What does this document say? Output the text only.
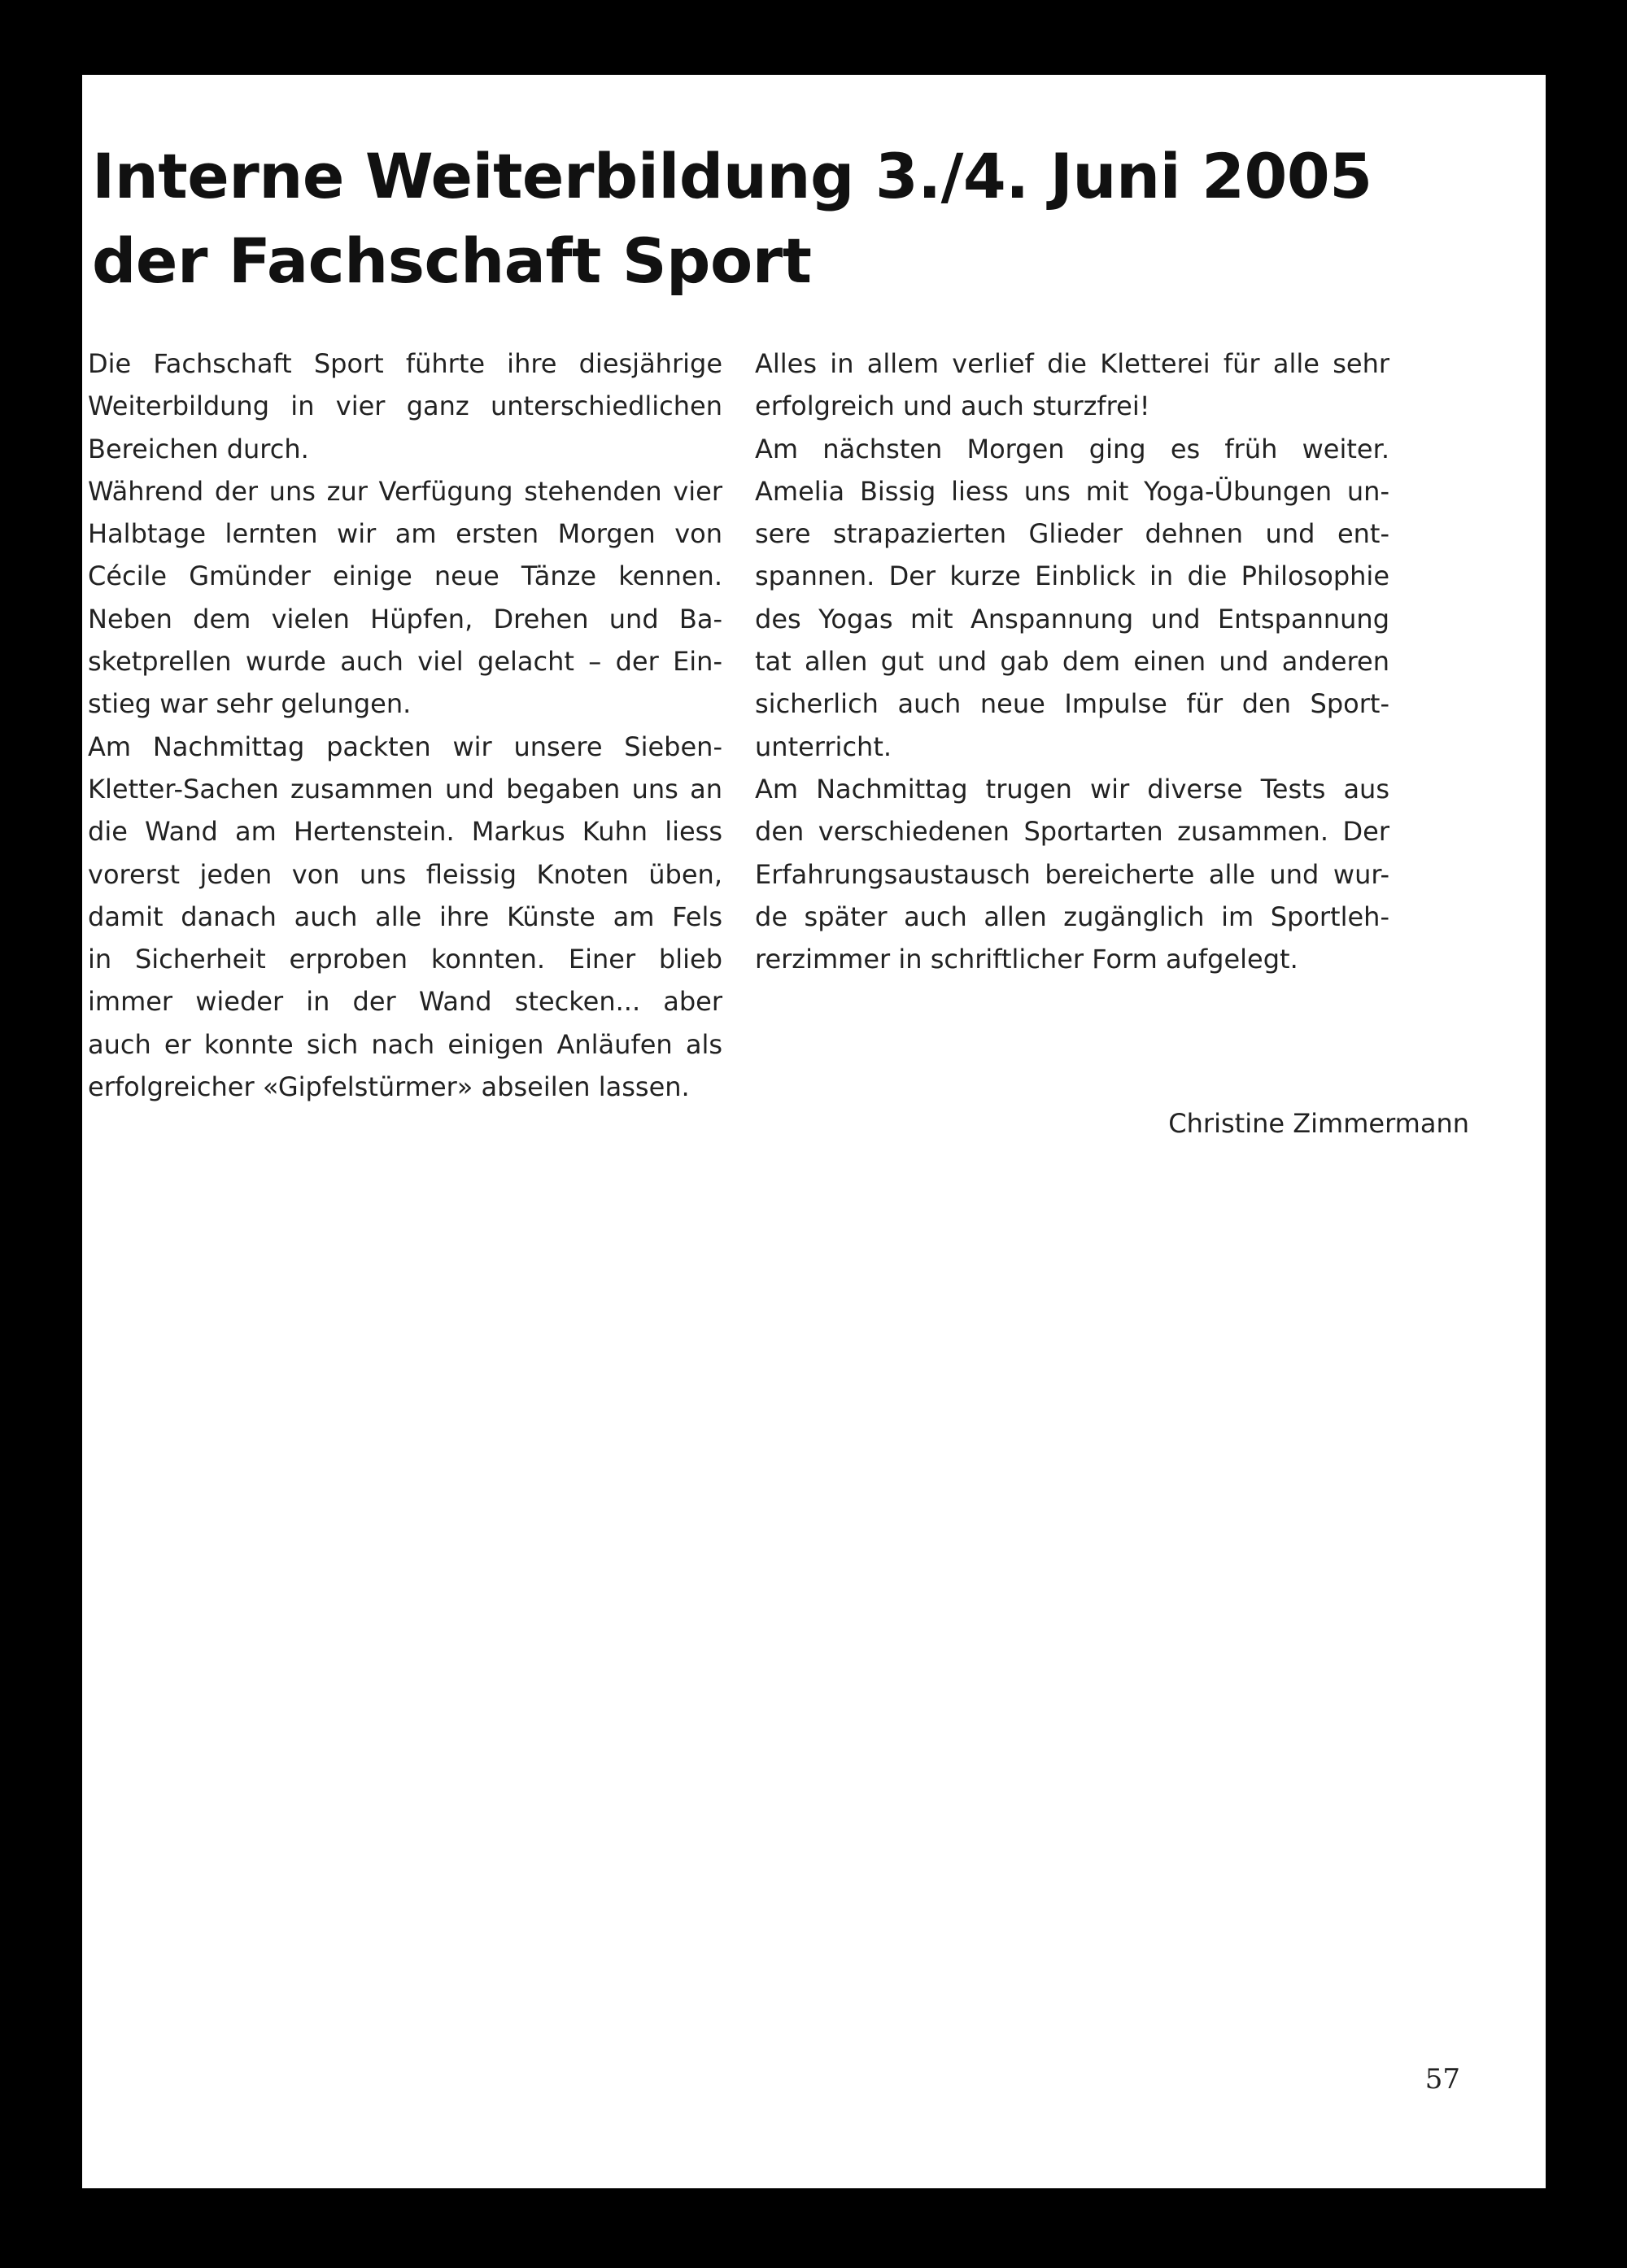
Interne Weiterbildung 3./4. Juni 2005
der Fachschaft Sport
Die Fachschaft Sport führte ihre diesjährige
Weiterbildung in vier ganz unterschiedlichen
Bereichen durch.
Während der uns zur Verfügung stehenden vier
Halbtage lernten wir am ersten Morgen von
Cécile Gmünder einige neue Tänze kennen.
Neben dem vielen Hüpfen, Drehen und Ba-
sketprellen wurde auch viel gelacht – der Ein-
stieg war sehr gelungen.
Am Nachmittag packten wir unsere Sieben-
Kletter-Sachen zusammen und begaben uns an
die Wand am Hertenstein. Markus Kuhn liess
vorerst jeden von uns fleissig Knoten üben,
damit danach auch alle ihre Künste am Fels
in Sicherheit erproben konnten. Einer blieb
immer wieder in der Wand stecken... aber
auch er konnte sich nach einigen Anläufen als
erfolgreicher «Gipfelstürmer» abseilen lassen.
Alles in allem verlief die Kletterei für alle sehr
erfolgreich und auch sturzfrei!
Am nächsten Morgen ging es früh weiter.
Amelia Bissig liess uns mit Yoga-Übungen un-
sere strapazierten Glieder dehnen und ent-
spannen. Der kurze Einblick in die Philosophie
des Yogas mit Anspannung und Entspannung
tat allen gut und gab dem einen und anderen
sicherlich auch neue Impulse für den Sport-
unterricht.
Am Nachmittag trugen wir diverse Tests aus
den verschiedenen Sportarten zusammen. Der
Erfahrungsaustausch bereicherte alle und wur-
de später auch allen zugänglich im Sportleh-
rerzimmer in schriftlicher Form aufgelegt.
Christine Zimmermann
57
